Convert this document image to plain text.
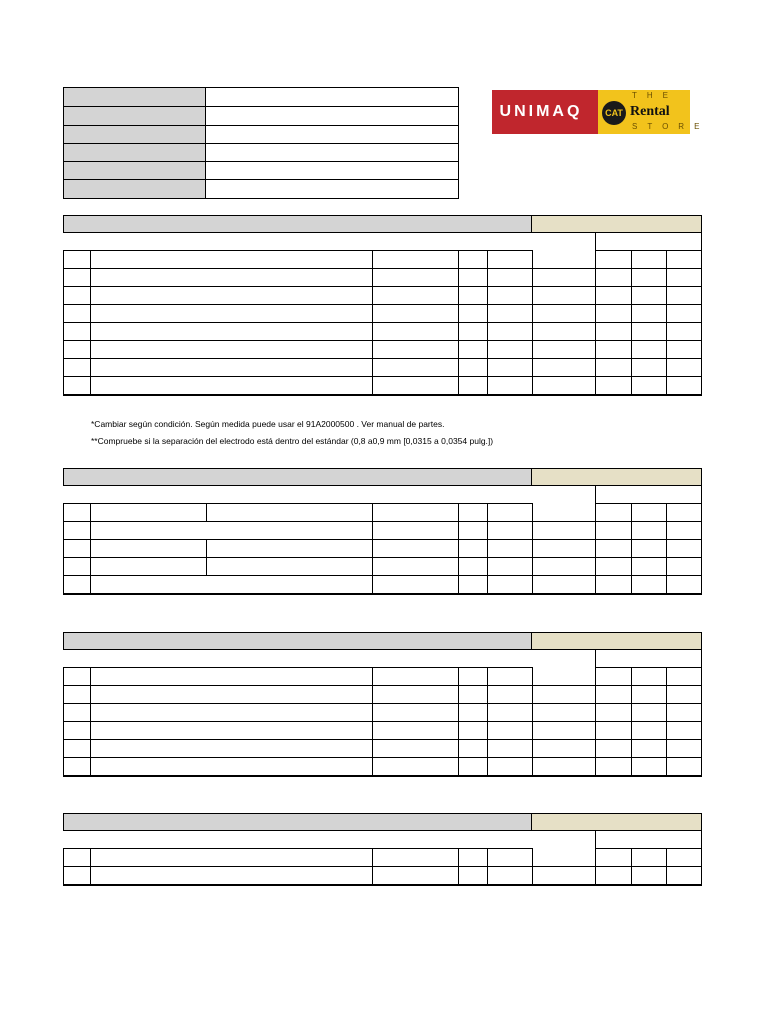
UNIMAQ	CAT
THE
Rental
STORE
*Cambiar según condición. Según medida puede usar el 91A2000500 . Ver manual de partes.
**Compruebe si la separación del electrodo está dentro del estándar (0,8 a0,9 mm [0,0315 a 0,0354 pulg.])
